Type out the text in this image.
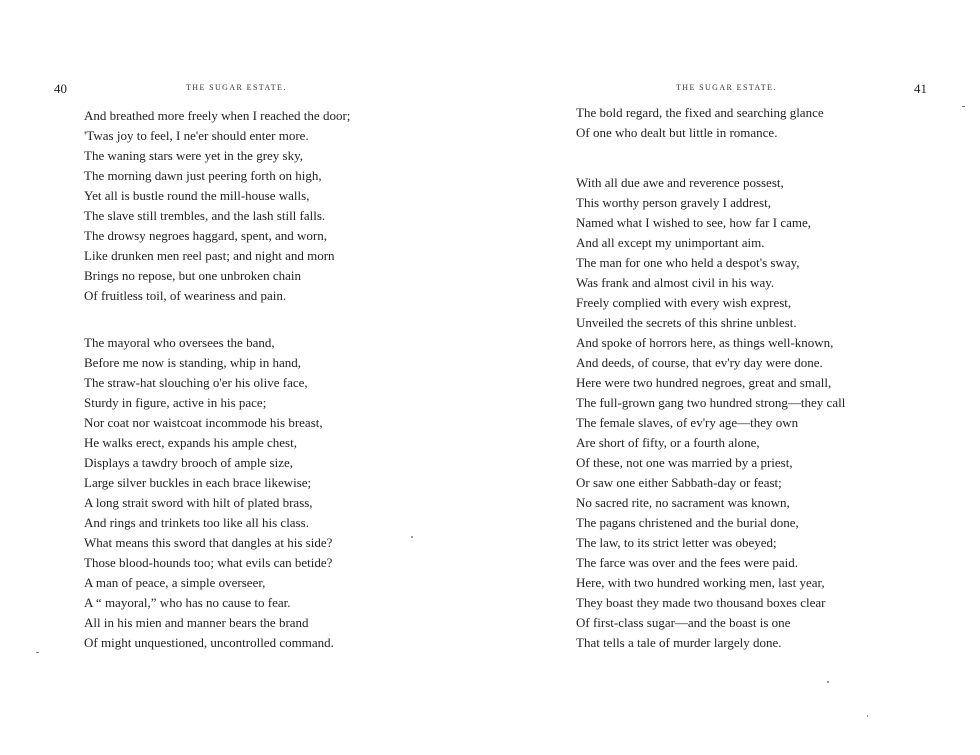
40	THE SUGAR ESTATE.
And breathed more freely when I reached the door;
'Twas joy to feel, I ne'er should enter more.
The waning stars were yet in the grey sky,
The morning dawn just peering forth on high,
Yet all is bustle round the mill-house walls,
The slave still trembles, and the lash still falls.
The drowsy negroes haggard, spent, and worn,
Like drunken men reel past; and night and morn
Brings no repose, but one unbroken chain
Of fruitless toil, of weariness and pain.
The mayoral who oversees the band,
Before me now is standing, whip in hand,
The straw-hat slouching o'er his olive face,
Sturdy in figure, active in his pace;
Nor coat nor waistcoat incommode his breast,
He walks erect, expands his ample chest,
Displays a tawdry brooch of ample size,
Large silver buckles in each brace likewise;
A long strait sword with hilt of plated brass,
And rings and trinkets too like all his class.
What means this sword that dangles at his side?
Those blood-hounds too; what evils can betide?
A man of peace, a simple overseer,
A “ mayoral,” who has no cause to fear.
All in his mien and manner bears the brand
Of might unquestioned, uncontrolled command.
41
THE SUGAR ESTATE.
The bold regard, the fixed and searching glance
Of one who dealt but little in romance.
With all due awe and reverence possest,
This worthy person gravely I addrest,
Named what I wished to see, how far I came,
And all except my unimportant aim.
The man for one who held a despot's sway,
Was frank and almost civil in his way.
Freely complied with every wish exprest,
Unveiled the secrets of this shrine unblest.
And spoke of horrors here, as things well-known,
And deeds, of course, that ev'ry day were done.
Here were two hundred negroes, great and small,
The full-grown gang two hundred strong—they call
The female slaves, of ev'ry age—they own
Are short of fifty, or a fourth alone,
Of these, not one was married by a priest,
Or saw one either Sabbath-day or feast;
No sacred rite, no sacrament was known,
The pagans christened and the burial done,
The law, to its strict letter was obeyed;
The farce was over and the fees were paid.
Here, with two hundred working men, last year,
They boast they made two thousand boxes clear
Of first-class sugar—and the boast is one
That tells a tale of murder largely done.
